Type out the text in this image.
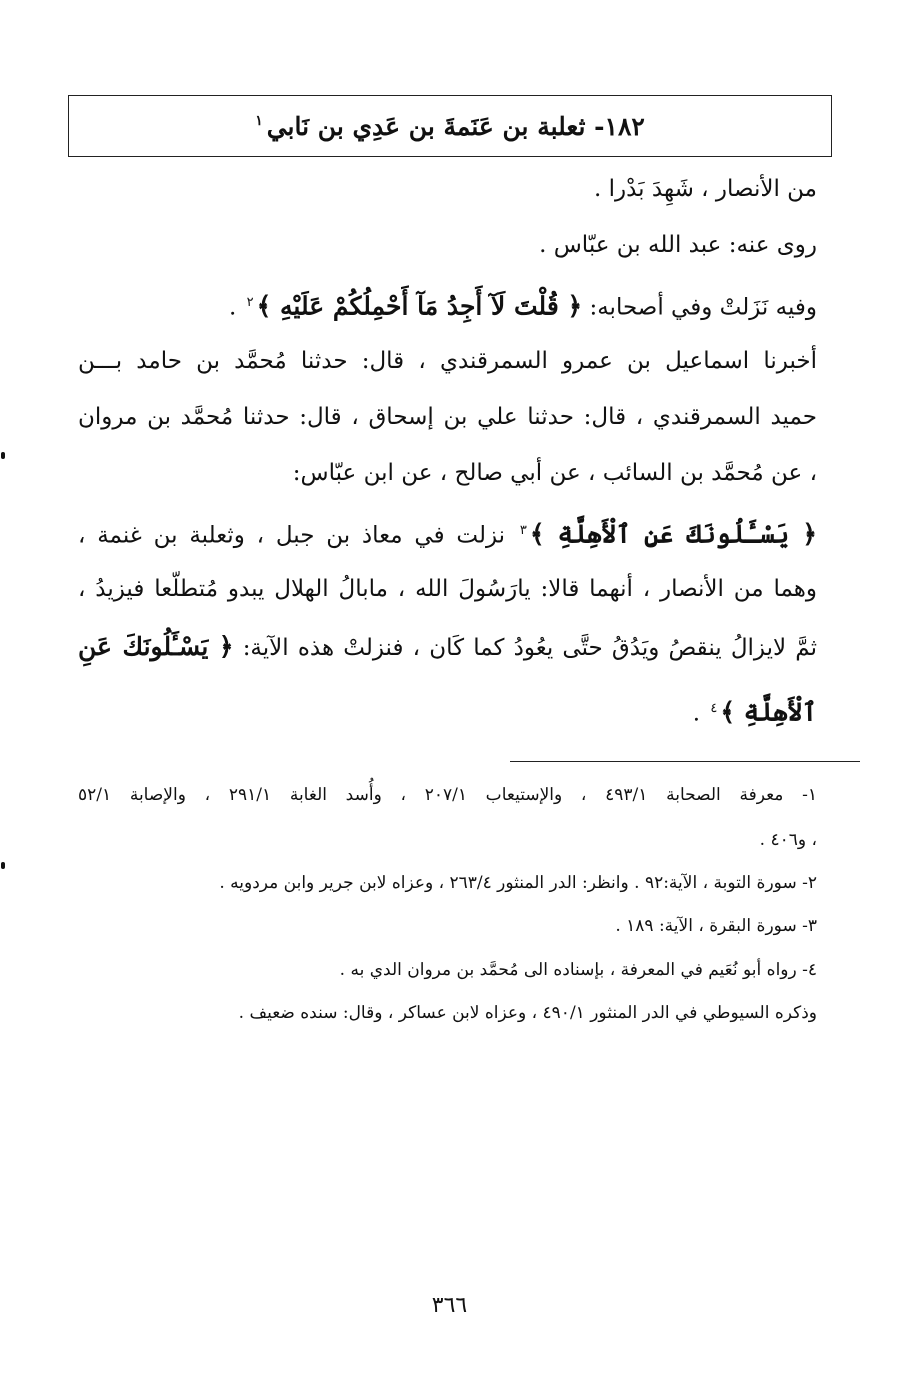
١٨٢- ثعلبة بن عَنَمةَ بن عَدِي بن نَابي$^١$
من الأنصار ، شَهِدَ بَدْرا .
روى عنه: عبد الله بن عبّاس .
وفيه نَزَلتْ وفي أصحابه: ﴿ قُلْتَ لَآ أَجِدُ مَآ أَحْمِلُكُمْ عَلَيْهِ ﴾$^٢$ .
أخبرنا اسماعيل بن عمرو السمرقندي ، قال: حدثنا مُحمَّد بن حامد بـــن
حميد السمرقندي ، قال: حدثنا علي بن إسحاق ، قال: حدثنا مُحمَّد بن مروان
، عن مُحمَّد بن السائب ، عن أبي صالح ، عن ابن عبّاس:
﴿ يَسْـَٔلُونَكَ عَنِ ٱلْأَهِلَّةِ ﴾$^٣$ نزلت في معاذ بن جبل ، وثعلبة بن غنمة ،
وهما من الأنصار ، أنهما قالا: يارَسُولَ الله ، مابالُ الهلال يبدو مُتطلّعا فيزيدُ ،
ثمَّ لايزالُ ينقصُ ويَدُقُ حتَّى يعُودُ كما كَان ، فنزلتْ هذه الآية: ﴿ يَسْـَٔلُونَكَ عَنِ
ٱلْأَهِلَّةِ ﴾$^٤$ .
١- معرفة الصحابة ٤٩٣/١ ، والإستيعاب ٢٠٧/١ ، وأُسد الغابة ٢٩١/١ ، والإصابة ٥٢/١
، و٤٠٦ .
٢- سورة التوبة ، الآية:٩٢ . وانظر: الدر المنثور ٢٦٣/٤ ، وعزاه لابن جرير وابن مردويه .
٣- سورة البقرة ، الآية: ١٨٩ .
٤- رواه أبو نُعَيم في المعرفة ، بإسناده الى مُحمَّد بن مروان الدي به .
وذكره السيوطي في الدر المنثور ٤٩٠/١ ، وعزاه لابن عساكر ، وقال: سنده ضعيف .
٣٦٦
